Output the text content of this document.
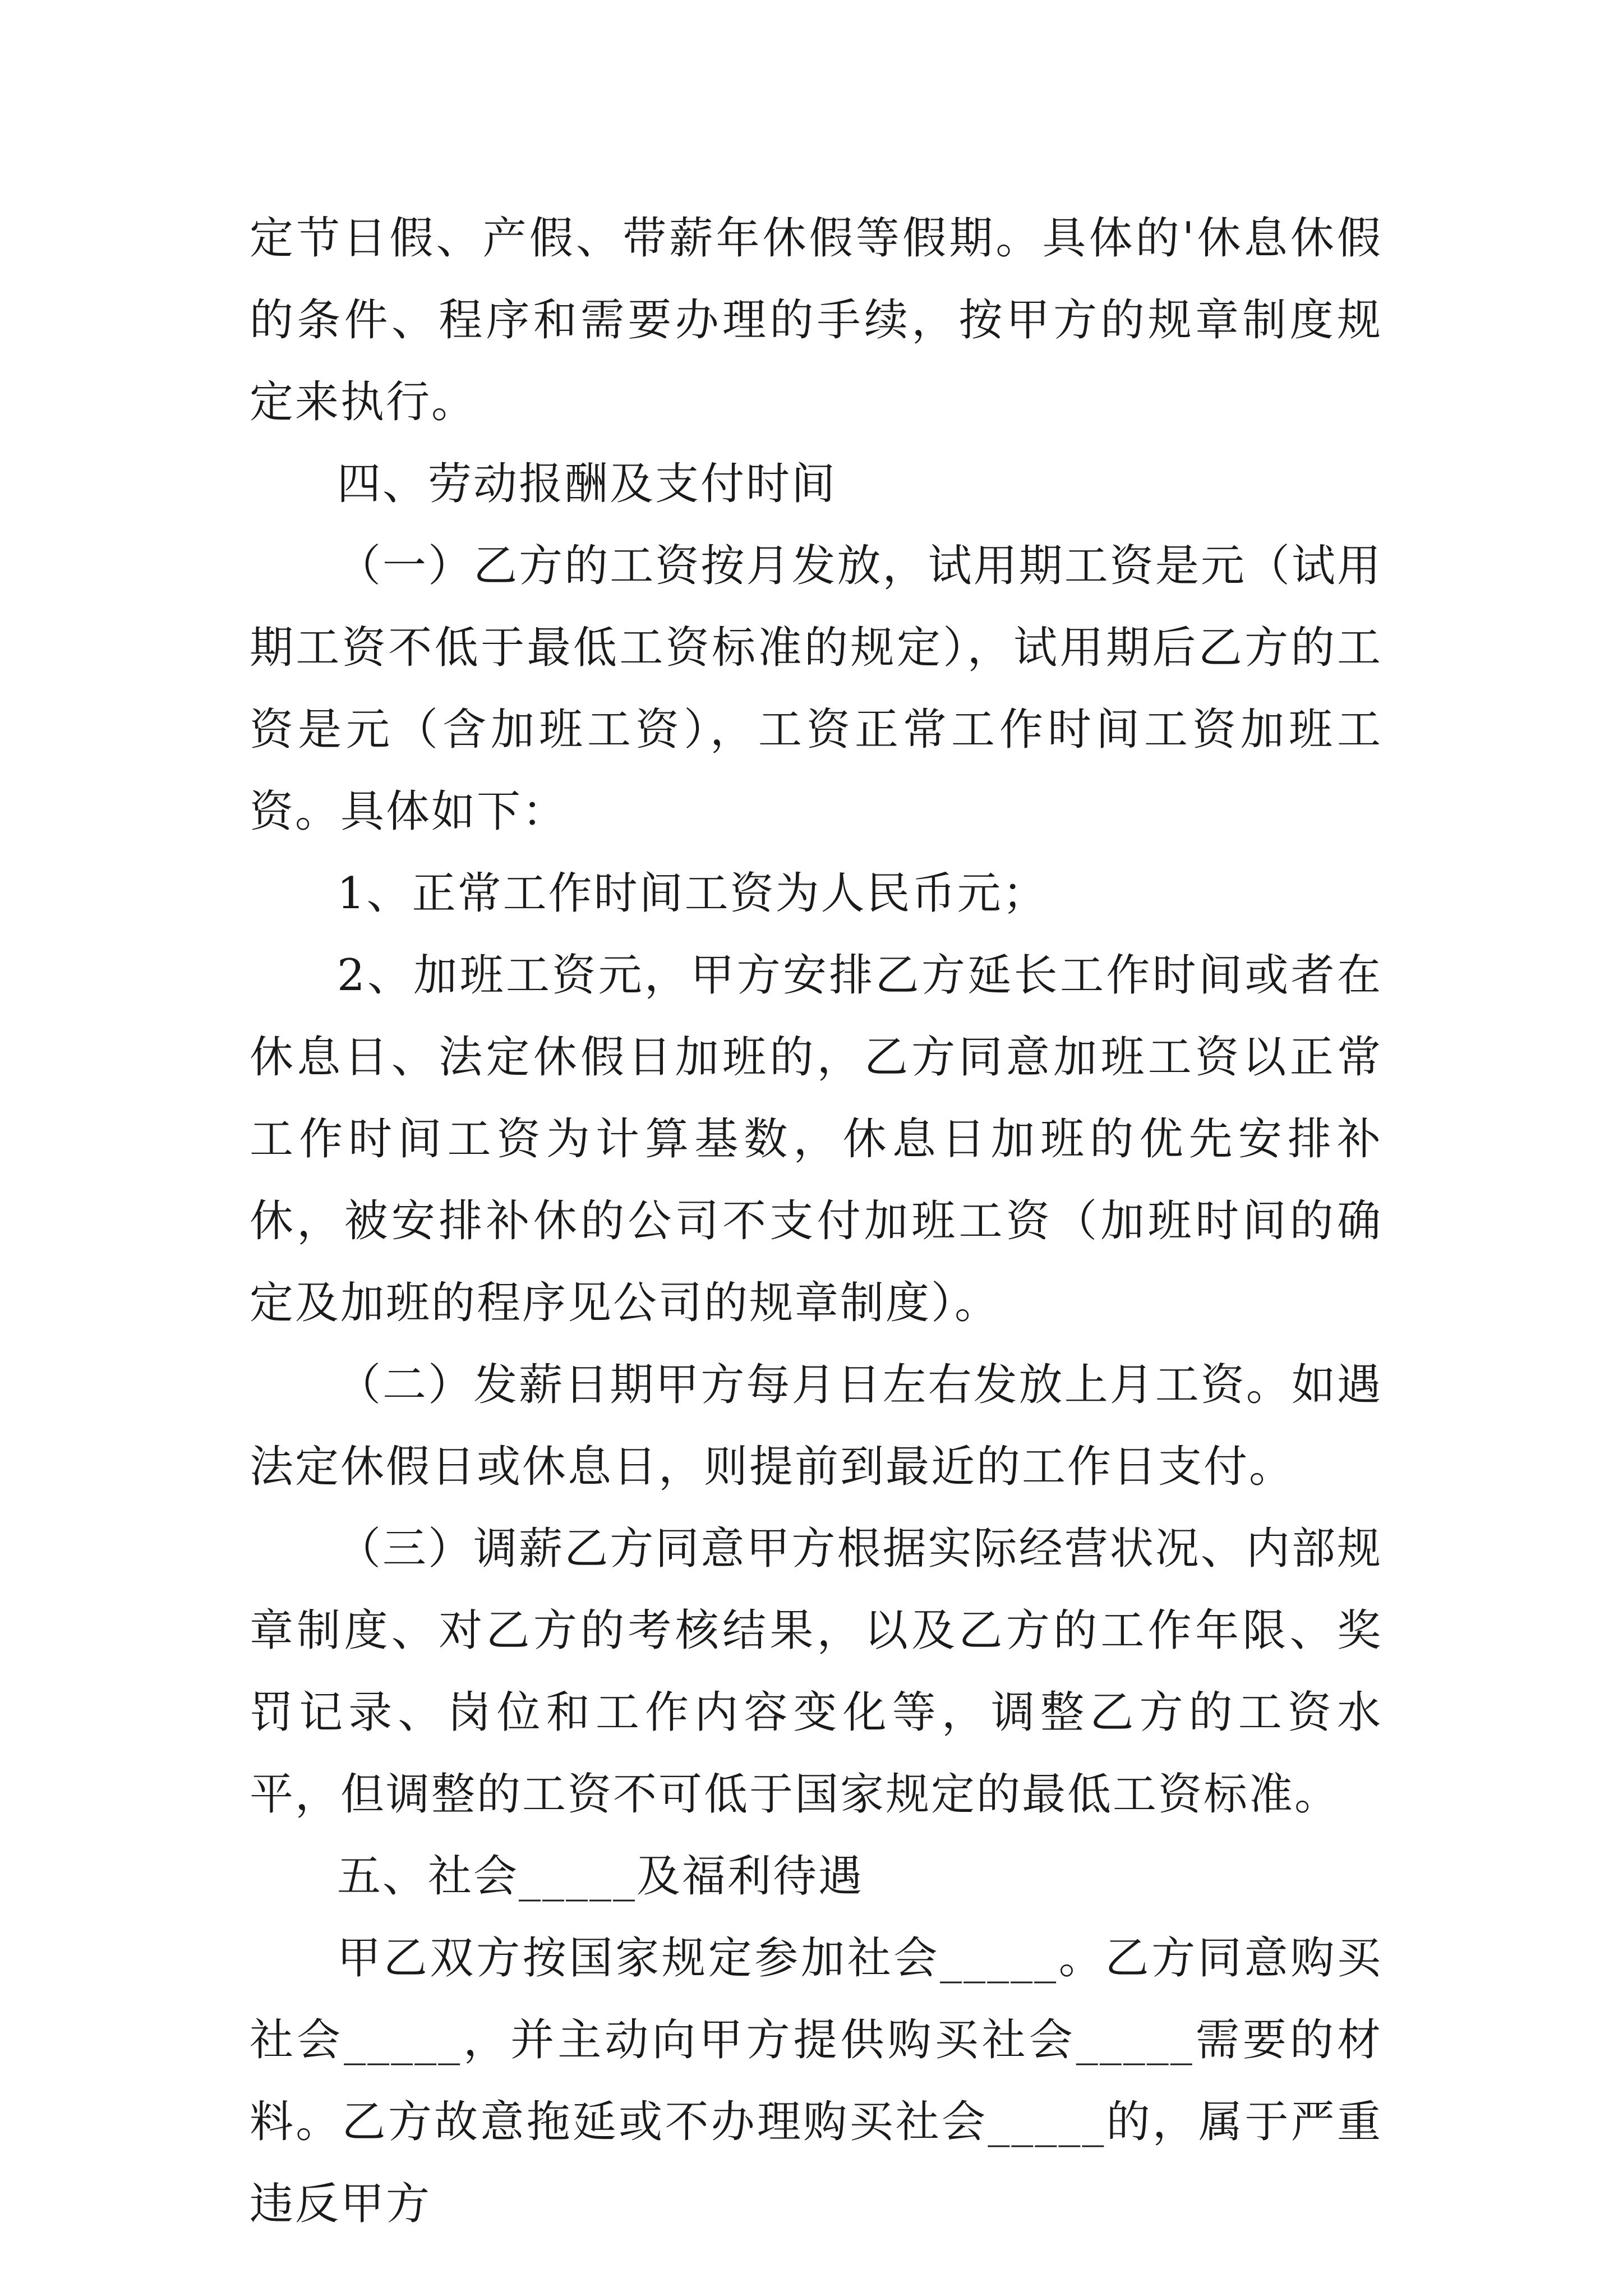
定节日假、产假、带薪年休假等假期。具体的'休息休假的条件、程序和需要办理的手续，按甲方的规章制度规定来执行。

四、劳动报酬及支付时间

（一）乙方的工资按月发放，试用期工资是元（试用期工资不低于最低工资标准的规定），试用期后乙方的工资是元（含加班工资），工资正常工作时间工资加班工资。具体如下：

1、正常工作时间工资为人民币元；

2、加班工资元，甲方安排乙方延长工作时间或者在休息日、法定休假日加班的，乙方同意加班工资以正常工作时间工资为计算基数，休息日加班的优先安排补休，被安排补休的公司不支付加班工资（加班时间的确定及加班的程序见公司的规章制度）。

（二）发薪日期甲方每月日左右发放上月工资。如遇法定休假日或休息日，则提前到最近的工作日支付。

（三）调薪乙方同意甲方根据实际经营状况、内部规章制度、对乙方的考核结果，以及乙方的工作年限、奖罚记录、岗位和工作内容变化等，调整乙方的工资水平，但调整的工资不可低于国家规定的最低工资标准。

五、社会_____及福利待遇

甲乙双方按国家规定参加社会_____。乙方同意购买社会_____，并主动向甲方提供购买社会_____需要的材料。乙方故意拖延或不办理购买社会_____的，属于严重违反甲方
